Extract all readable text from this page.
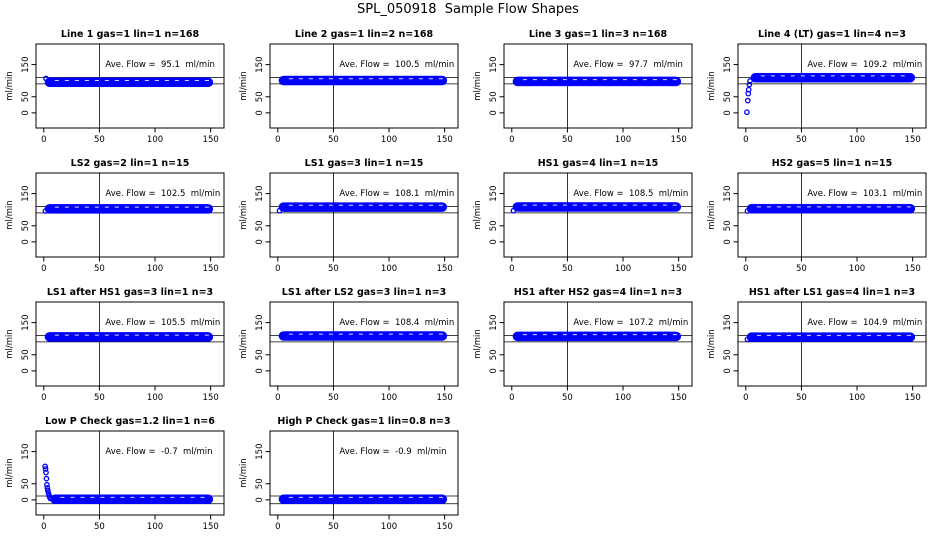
SPL_050918  Sample Flow Shapes
Line 1 gas=1 lin=1 n=168
Ave. Flow =  95.1  ml/min
0	50	100	150
0
50
150
ml/min
Line 2 gas=1 lin=2 n=168
Ave. Flow =  100.5  ml/min
0	50	100	150
0
50
150
ml/min
Line 3 gas=1 lin=3 n=168
Ave. Flow =  97.7  ml/min
0	50	100	150
0
50
150
ml/min
Line 4 (LT) gas=1 lin=4 n=3
Ave. Flow =  109.2  ml/min
0	50	100	150
0
50
150
ml/min
LS2 gas=2 lin=1 n=15
Ave. Flow =  102.5  ml/min
0	50	100	150
0
50
150
ml/min
LS1 gas=3 lin=1 n=15
Ave. Flow =  108.1  ml/min
0	50	100	150
0
50
150
ml/min
HS1 gas=4 lin=1 n=15
Ave. Flow =  108.5  ml/min
0	50	100	150
0
50
150
ml/min
HS2 gas=5 lin=1 n=15
Ave. Flow =  103.1  ml/min
0	50	100	150
0
50
150
ml/min
LS1 after HS1 gas=3 lin=1 n=3
Ave. Flow =  105.5  ml/min
0	50	100	150
0
50
150
ml/min
LS1 after LS2 gas=3 lin=1 n=3
Ave. Flow =  108.4  ml/min
0	50	100	150
0
50
150
ml/min
HS1 after HS2 gas=4 lin=1 n=3
Ave. Flow =  107.2  ml/min
0	50	100	150
0
50
150
ml/min
HS1 after LS1 gas=4 lin=1 n=3
Ave. Flow =  104.9  ml/min
0	50	100	150
0
50
150
ml/min
Low P Check gas=1.2 lin=1 n=6
Ave. Flow =  -0.7  ml/min
0	50	100	150
0
50
150
ml/min
High P Check gas=1 lin=0.8 n=3
Ave. Flow =  -0.9  ml/min
0	50	100	150
0
50
150
ml/min
